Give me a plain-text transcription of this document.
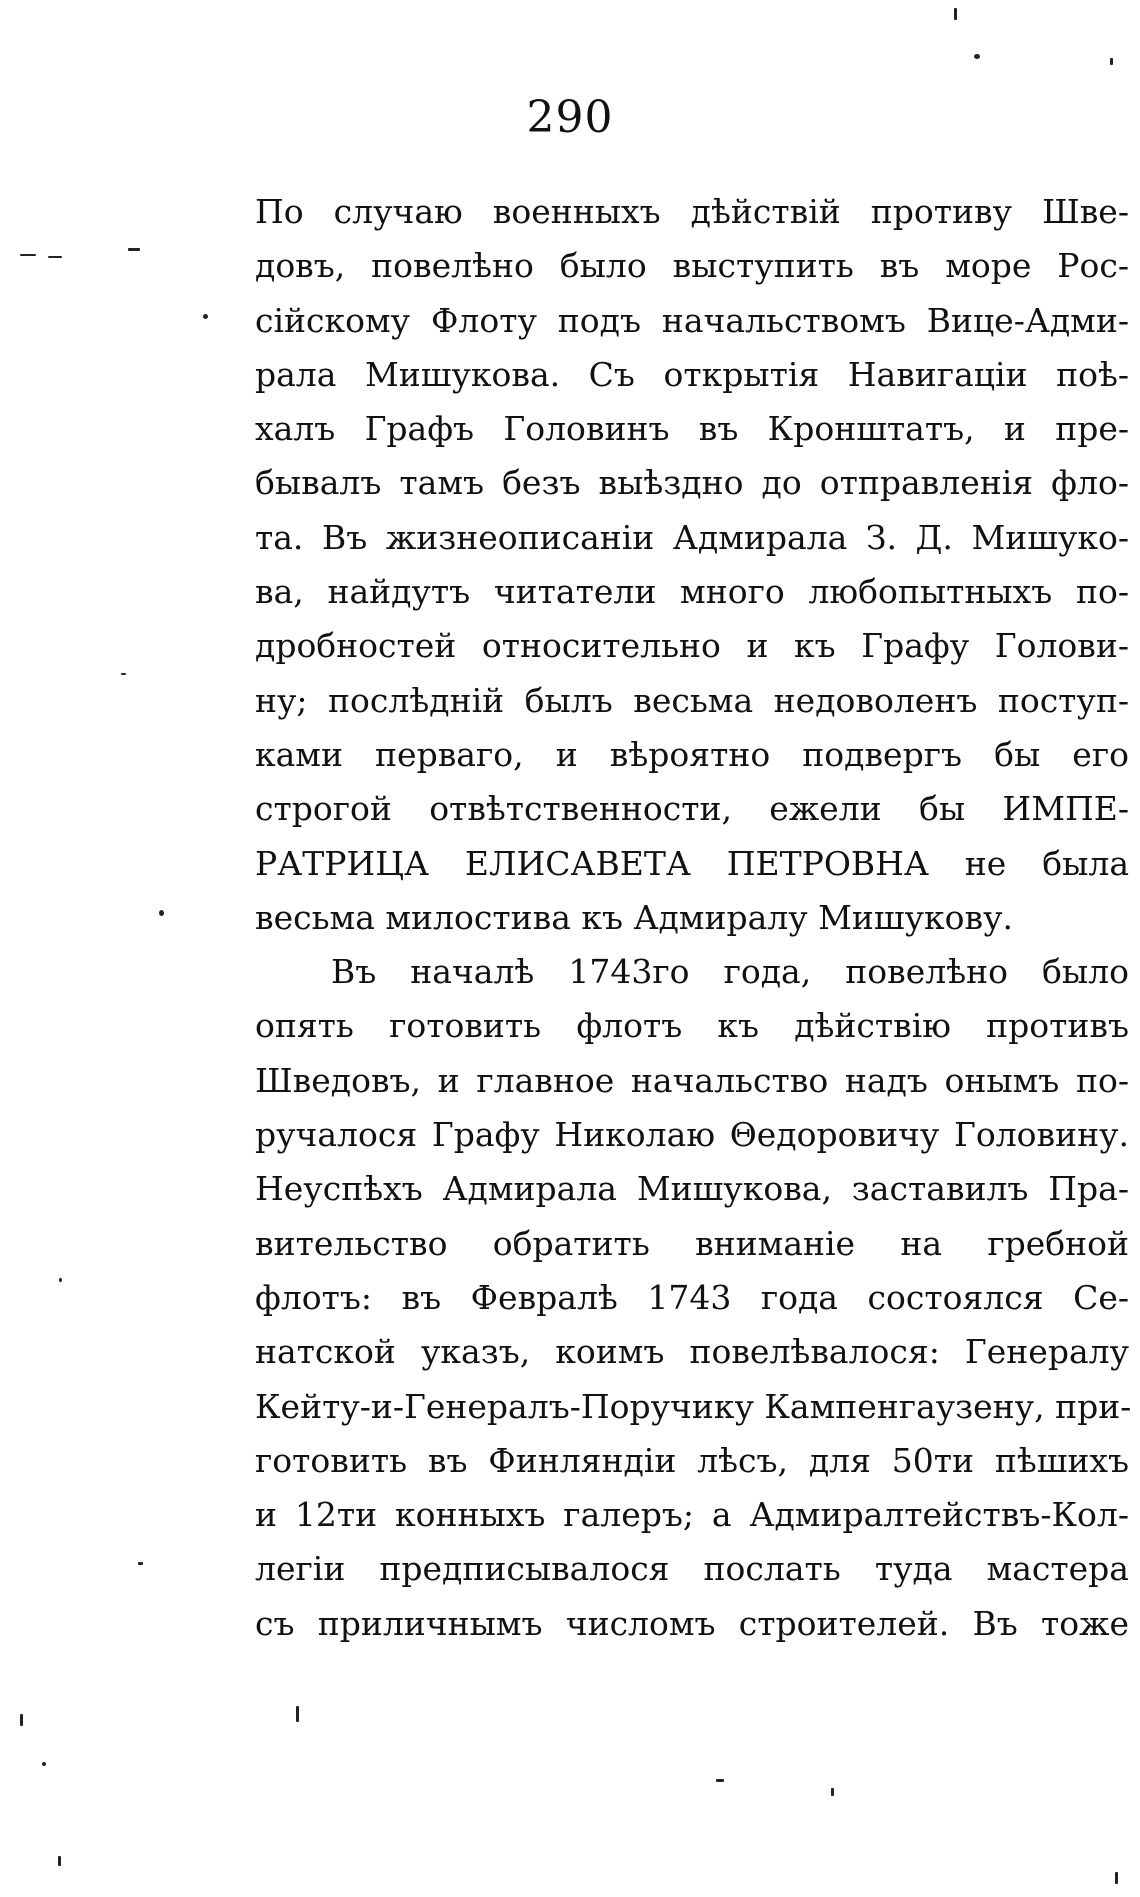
290
По случаю военныхъ дѣйствій противу Шве-
довъ, повелѣно было выступить въ море Рос-
сійскому Флоту подъ начальствомъ Вице-Адми-
рала Мишукова. Съ открытія Навигаціи поѣ-
халъ Графъ Головинъ въ Кронштатъ, и пре-
бывалъ тамъ безъ выѣздно до отправленія фло-
та. Въ жизнеописаніи Адмирала З. Д. Мишуко-
ва, найдутъ читатели много любопытныхъ по-
дробностей относительно и къ Графу Голови-
ну; послѣдній былъ весьма недоволенъ поступ-
ками перваго, и вѣроятно подвергъ бы его
строгой отвѣтственности, ежели бы ИМПЕ-
РАТРИЦА ЕЛИСАВЕТА ПЕТРОВНА не была
весьма милостива къ Адмиралу Мишукову.
Въ началѣ 1743го года, повелѣно было
опять готовить флотъ къ дѣйствію противъ
Шведовъ, и главное начальство надъ онымъ по-
ручалося Графу Николаю Θедоровичу Головину.
Неуспѣхъ Адмирала Мишукова, заставилъ Пра-
вительство обратить вниманіе на гребной
флотъ: въ Февралѣ 1743 года состоялся Се-
натской указъ, коимъ повелѣвалося: Генералу
Кейту-и-Генералъ-Поручику Кампенгаузену, при-
готовить въ Финляндіи лѣсъ, для 50ти пѣшихъ
и 12ти конныхъ галеръ; а Адмиралтействъ-Кол-
легіи предписывалося послать туда мастера
съ приличнымъ числомъ строителей. Въ тоже
